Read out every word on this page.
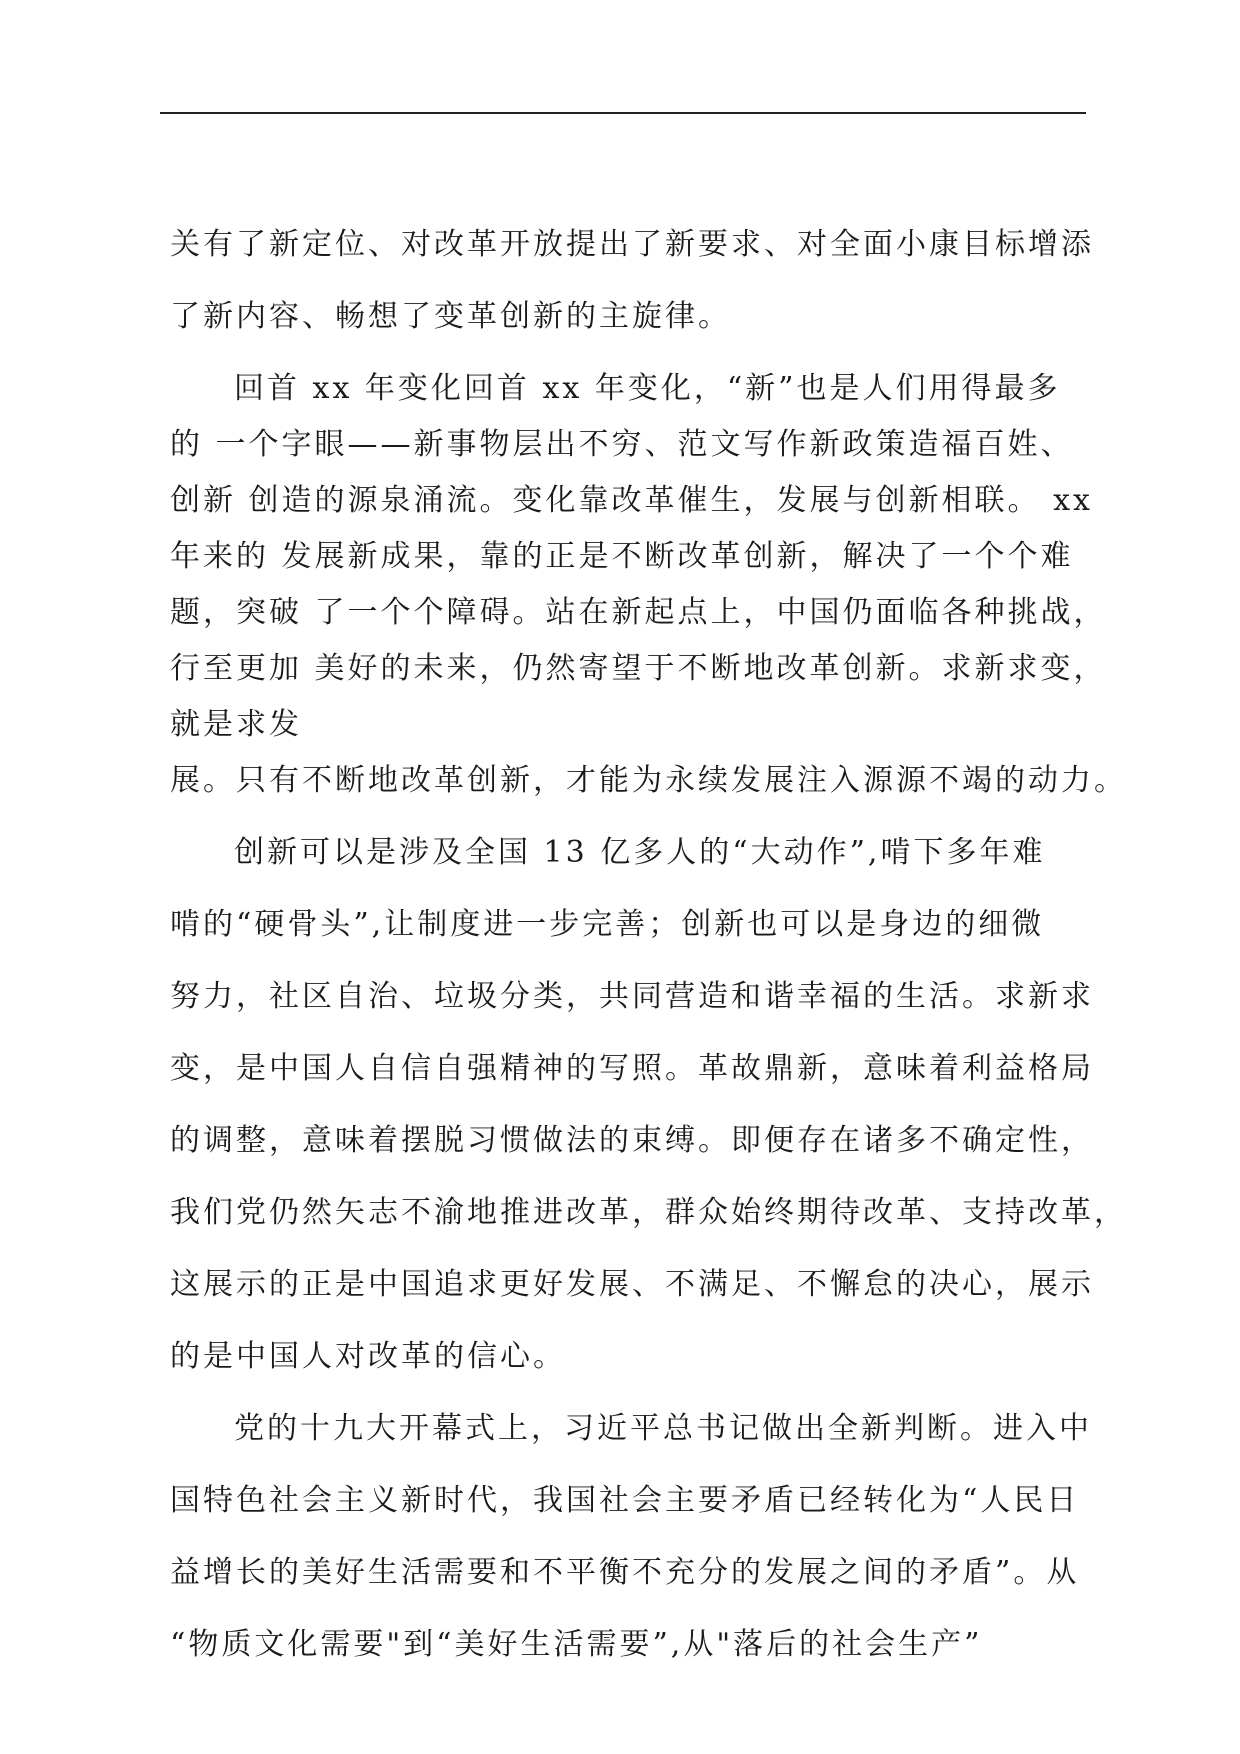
关有了新定位、对改革开放提出了新要求、对全面小康目标增添
了新内容、畅想了变革创新的主旋律。
回首 xx 年变化回首 xx 年变化，“新”也是人们用得最多
的 一个字眼——新事物层出不穷、范文写作新政策造福百姓、
创新 创造的源泉涌流。变化靠改革催生，发展与创新相联。 xx
年来的 发展新成果，靠的正是不断改革创新，解决了一个个难
题，突破 了一个个障碍。站在新起点上，中国仍面临各种挑战，
行至更加 美好的未来，仍然寄望于不断地改革创新。求新求变，
就是求发
展。只有不断地改革创新，才能为永续发展注入源源不竭的动力。
创新可以是涉及全国 13 亿多人的“大动作”,啃下多年难
啃的“硬骨头”,让制度进一步完善；创新也可以是身边的细微
努力，社区自治、垃圾分类，共同营造和谐幸福的生活。求新求
变，是中国人自信自强精神的写照。革故鼎新，意味着利益格局
的调整，意味着摆脱习惯做法的束缚。即便存在诸多不确定性，
我们党仍然矢志不渝地推进改革，群众始终期待改革、支持改革，
这展示的正是中国追求更好发展、不满足、不懈怠的决心，展示
的是中国人对改革的信心。
党的十九大开幕式上，习近平总书记做出全新判断。进入中
国特色社会主义新时代，我国社会主要矛盾已经转化为“人民日
益增长的美好生活需要和不平衡不充分的发展之间的矛盾”。从
“物质文化需要"到“美好生活需要”,从"落后的社会生产”
